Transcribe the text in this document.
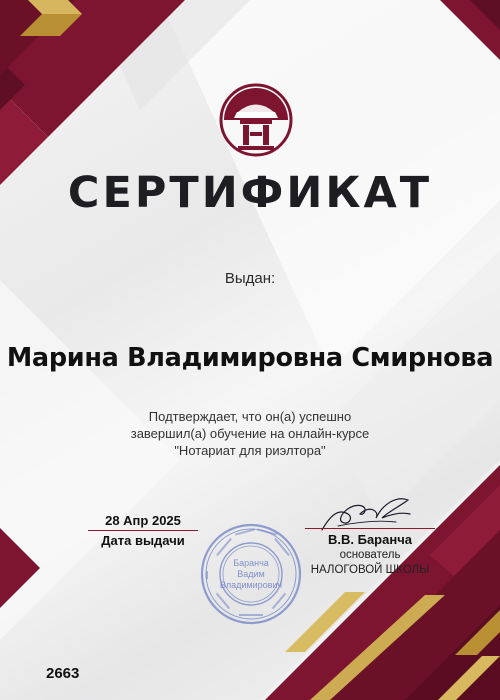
СЕРТИФИКАТ
Выдан:
Марина Владимировна Смирнова
Подтверждает, что он(а) успешно
завершил(а) обучение на онлайн-курсе
"Нотариат для риэлтора"
28 Апр 2025
Дата выдачи
Баранча
Вадим
Владимирович
В.В. Баранча
основатель
НАЛОГОВОЙ ШКОЛЫ
2663
